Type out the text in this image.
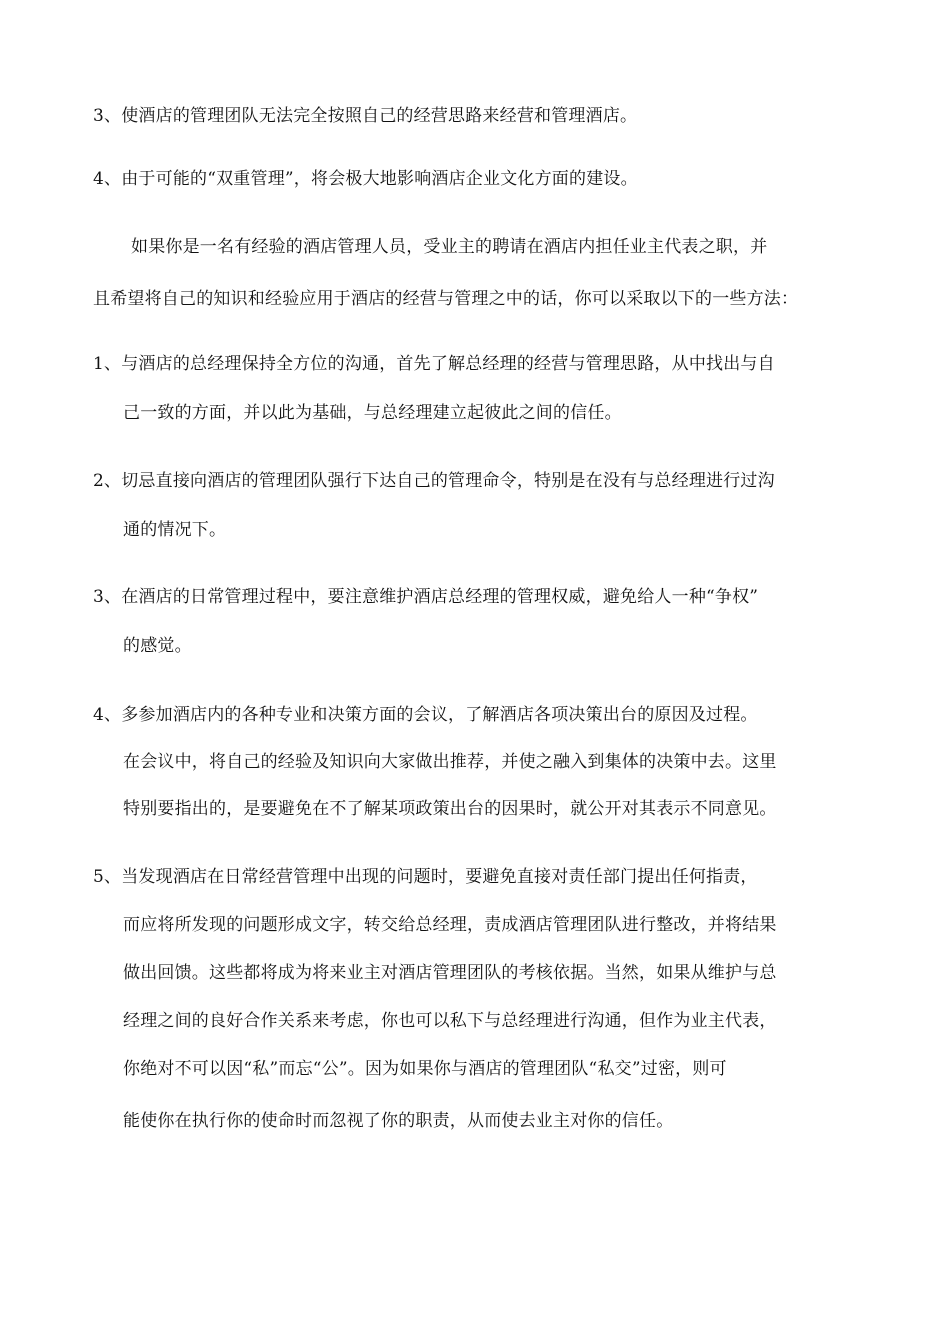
3、使酒店的管理团队无法完全按照自己的经营思路来经营和管理酒店。
4、由于可能的“双重管理”，将会极大地影响酒店企业文化方面的建设。
如果你是一名有经验的酒店管理人员，受业主的聘请在酒店内担任业主代表之职，并
且希望将自己的知识和经验应用于酒店的经营与管理之中的话，你可以采取以下的一些方法：
1、与酒店的总经理保持全方位的沟通，首先了解总经理的经营与管理思路，从中找出与自
己一致的方面，并以此为基础，与总经理建立起彼此之间的信任。
2、切忌直接向酒店的管理团队强行下达自己的管理命令，特别是在没有与总经理进行过沟
通的情况下。
3、在酒店的日常管理过程中，要注意维护酒店总经理的管理权威，避免给人一种“争权”
的感觉。
4、多参加酒店内的各种专业和决策方面的会议，了解酒店各项决策出台的原因及过程。
在会议中，将自己的经验及知识向大家做出推荐，并使之融入到集体的决策中去。这里
特别要指出的，是要避免在不了解某项政策出台的因果时，就公开对其表示不同意见。
5、当发现酒店在日常经营管理中出现的问题时，要避免直接对责任部门提出任何指责，
而应将所发现的问题形成文字，转交给总经理，责成酒店管理团队进行整改，并将结果
做出回馈。这些都将成为将来业主对酒店管理团队的考核依据。当然，如果从维护与总
经理之间的良好合作关系来考虑，你也可以私下与总经理进行沟通，但作为业主代表，
你绝对不可以因“私”而忘“公”。因为如果你与酒店的管理团队“私交”过密，则可
能使你在执行你的使命时而忽视了你的职责，从而使去业主对你的信任。
